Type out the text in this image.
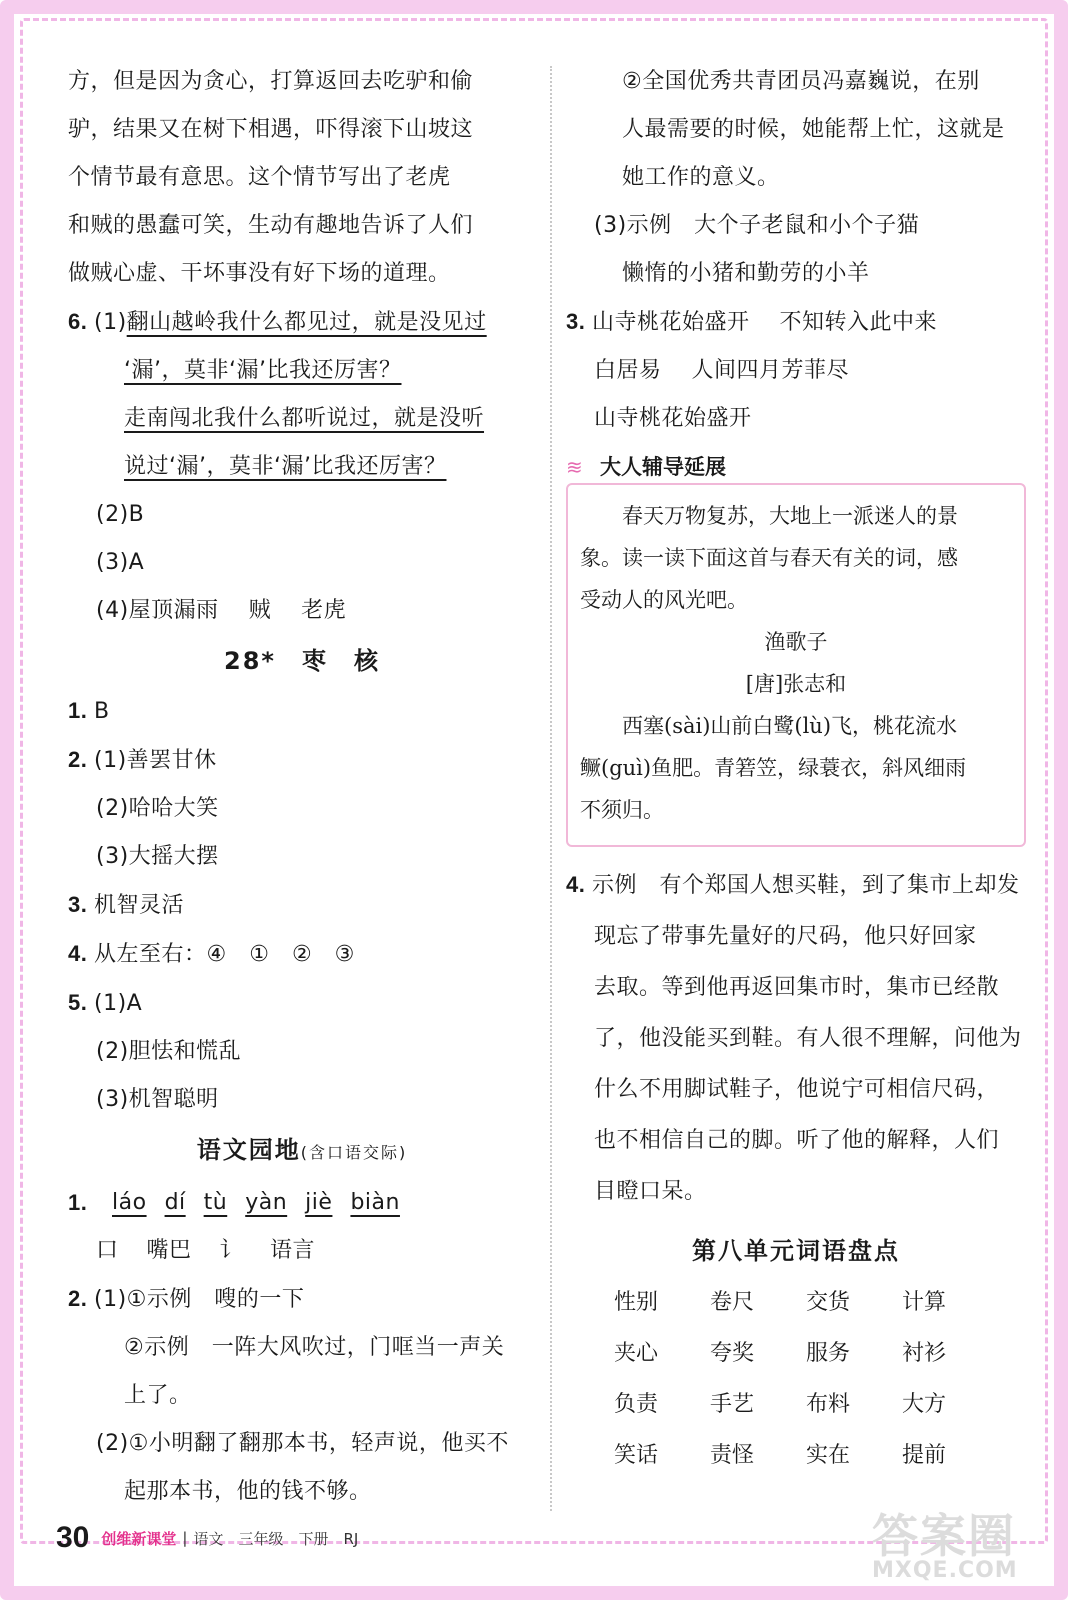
方，但是因为贪心，打算返回去吃驴和偷
驴，结果又在树下相遇，吓得滚下山坡这
个情节最有意思。这个情节写出了老虎
和贼的愚蠢可笑，生动有趣地告诉了人们
做贼心虚、干坏事没有好下场的道理。
6. (1)翻山越岭我什么都见过，就是没见过
‘漏’，莫非‘漏’比我还厉害？
走南闯北我什么都听说过，就是没听
说过‘漏’，莫非‘漏’比我还厉害？
(2)B
(3)A
(4)屋顶漏雨　 贼　 老虎
28*　枣　核
1. B
2. (1)善罢甘休
(2)哈哈大笑
(3)大摇大摆
3. 机智灵活
4. 从左至右：④　①　②　③
5. (1)A
(2)胆怯和慌乱
(3)机智聪明
语文园地(含口语交际)
1.	láo dí tù yàn jiè biàn
口 嘴巴 讠 语言
2. (1)①示例　嗖的一下
②示例　一阵大风吹过，门哐当一声关
上了。
(2)①小明翻了翻那本书，轻声说，他买不
起那本书，他的钱不够。
②全国优秀共青团员冯嘉巍说，在别
人最需要的时候，她能帮上忙，这就是
她工作的意义。
(3)示例　大个子老鼠和小个子猫
懒惰的小猪和勤劳的小羊
3. 山寺桃花始盛开　 不知转入此中来
白居易　 人间四月芳菲尽
山寺桃花始盛开
≋ 大人辅导延展
春天万物复苏，大地上一派迷人的景
象。读一读下面这首与春天有关的词，感
受动人的风光吧。
渔歌子
[唐]张志和
西塞(sài)山前白鹭(lù)飞，桃花流水
鳜(guì)鱼肥。青箬笠，绿蓑衣，斜风细雨
不须归。
4. 示例　有个郑国人想买鞋，到了集市上却发
现忘了带事先量好的尺码，他只好回家
去取。等到他再返回集市时，集市已经散
了，他没能买到鞋。有人很不理解，问他为
什么不用脚试鞋子，他说宁可相信尺码，
也不相信自己的脚。听了他的解释，人们
目瞪口呆。
第八单元词语盘点
性别	卷尺	交货	计算
夹心	夸奖	服务	衬衫
负责	手艺	布料	大方
笑话	责怪	实在	提前
30 创维新课堂 | 语文　三年级　下册　RJ	答案圈
MXQE.COM
